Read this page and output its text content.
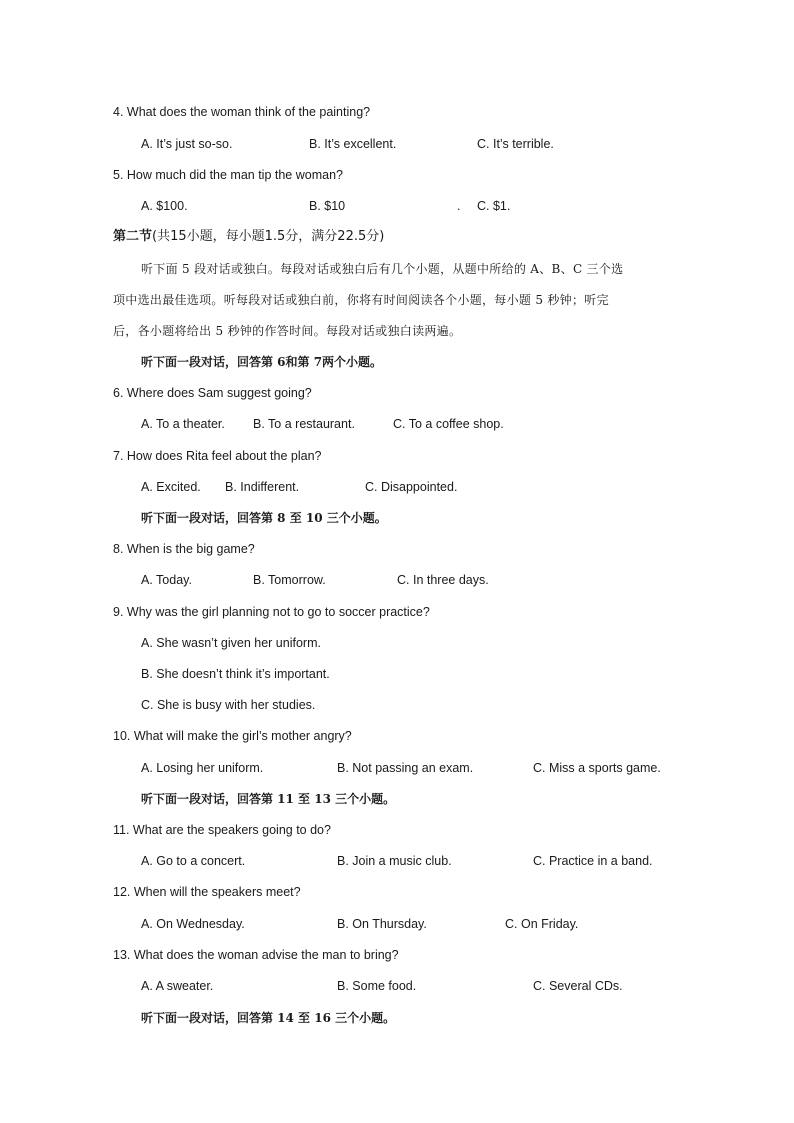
4. What does the woman think of the painting?
A. It’s just so-so.	B. It’s excellent.	C. It’s terrible.
5. How much did the man tip the woman?
A. $100.	B. $10	. C. $1.
第二节(共15小题，每小题1.5分，满分22.5分)
听下面 5 段对话或独白。每段对话或独白后有几个小题，从题中所给的 A、B、C 三个选
项中选出最佳选项。听每段对话或独白前，你将有时间阅读各个小题，每小题 5 秒钟；听完
后，各小题将给出 5 秒钟的作答时间。每段对话或独白读两遍。
听下面一段对话，回答第 6和第 7两个小题。
6. Where does Sam suggest going?
A. To a theater. B. To a restaurant.	C. To a coffee shop.
7. How does Rita feel about the plan?
A. Excited. B. Indifferent.	C. Disappointed.
听下面一段对话，回答第 8 至 10 三个小题。
8. When is the big game?
A. Today.	B. Tomorrow.	C. In three days.
9. Why was the girl planning not to go to soccer practice?
A. She wasn’t given her uniform.
B. She doesn’t think it’s important.
C. She is busy with her studies.
10. What will make the girl’s mother angry?
A. Losing her uniform.	B. Not passing an exam.	C. Miss a sports game.
听下面一段对话，回答第 11 至 13 三个小题。
11. What are the speakers going to do?
A. Go to a concert.	B. Join a music club.	C. Practice in a band.
12. When will the speakers meet?
A. On Wednesday.	B. On Thursday.	C. On Friday.
13. What does the woman advise the man to bring?
A. A sweater.	B. Some food.	C. Several CDs.
听下面一段对话，回答第 14 至 16 三个小题。
